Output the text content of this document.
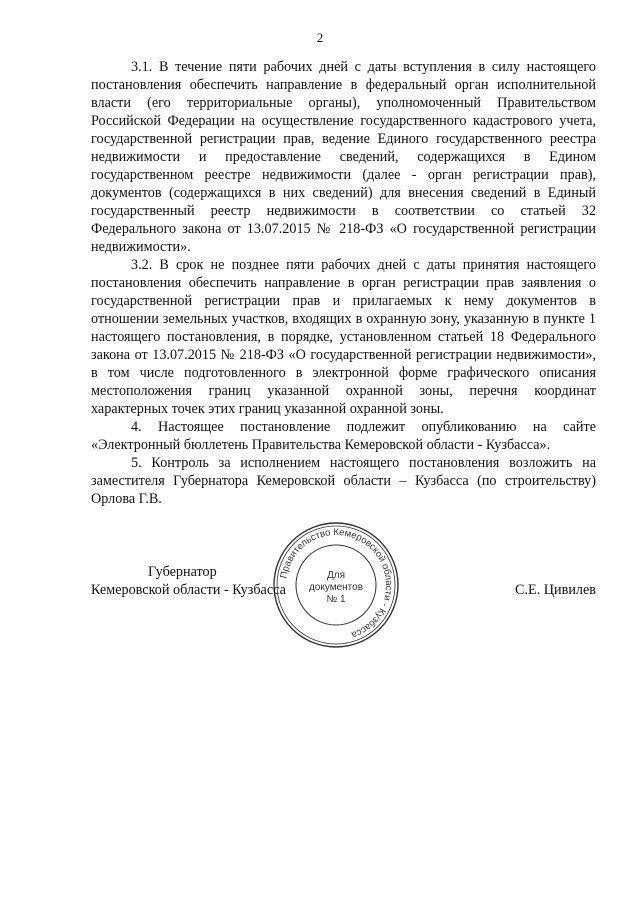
2

3.1. В течение пяти рабочих дней с даты вступления в силу настоящего постановления обеспечить направление в федеральный орган исполнительной власти (его территориальные органы), уполномоченный Правительством Российской Федерации на осуществление государственного кадастрового учета, государственной регистрации прав, ведение Единого государственного реестра недвижимости и предоставление сведений, содержащихся в Едином государственном реестре недвижимости (далее - орган регистрации прав), документов (содержащихся в них сведений) для внесения сведений в Единый государственный реестр недвижимости в соответствии со статьей 32 Федерального закона от 13.07.2015 № 218-ФЗ «О государственной регистрации недвижимости».

3.2. В срок не позднее пяти рабочих дней с даты принятия настоящего постановления обеспечить направление в орган регистрации прав заявления о государственной регистрации прав и прилагаемых к нему документов в отношении земельных участков, входящих в охранную зону, указанную в пункте 1 настоящего постановления, в порядке, установленном статьей 18 Федерального закона от 13.07.2015 № 218-ФЗ «О государственной регистрации недвижимости», в том числе подготовленного в электронной форме графического описания местоположения границ указанной охранной зоны, перечня координат характерных точек этих границ указанной охранной зоны.

4. Настоящее постановление подлежит опубликованию на сайте «Электронный бюллетень Правительства Кемеровской области - Кузбасса».

5. Контроль за исполнением настоящего постановления возложить на заместителя Губернатора Кемеровской области – Кузбасса (по строительству) Орлова Г.В.

Правительство Кемеровской области - Кузбасса
Для
документов
№ 1
Губернатор
Кемеровской области - Кузбасса	С.Е. Цивилев
